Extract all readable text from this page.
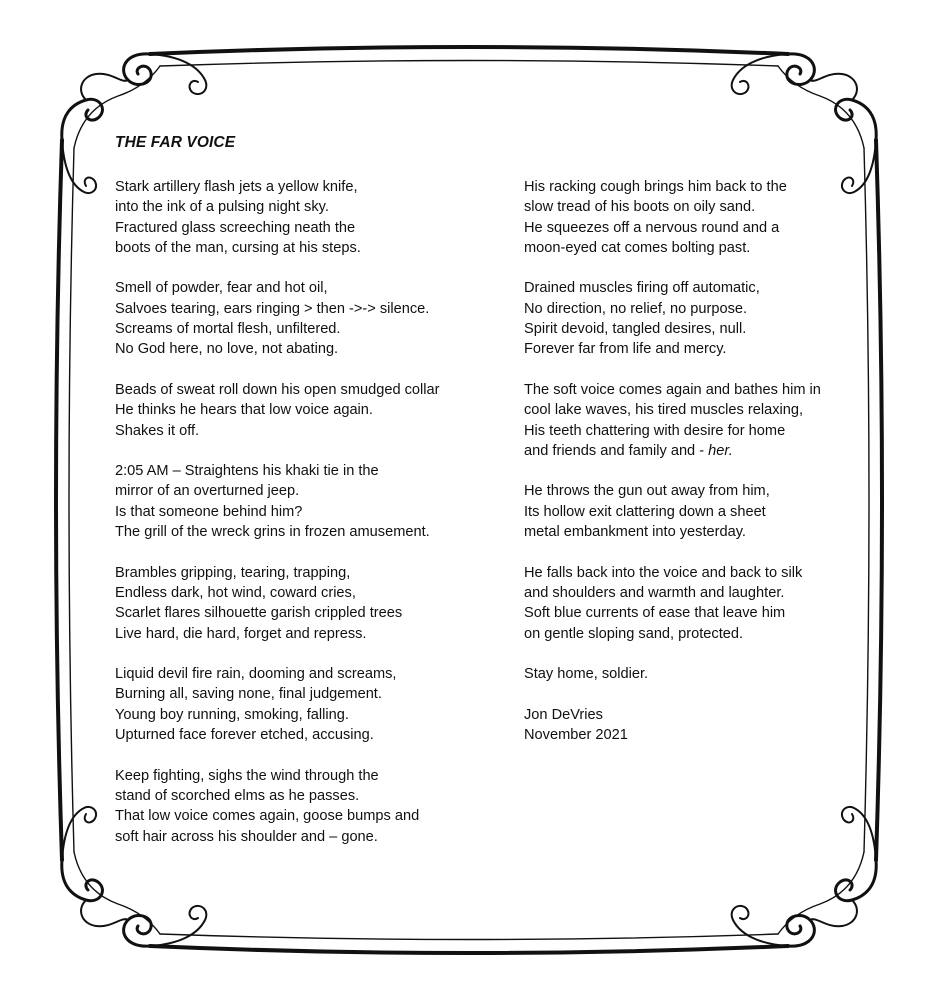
THE FAR VOICE
Stark artillery flash jets a yellow knife,
into the ink of a pulsing night sky.
Fractured glass screeching neath the
boots of the man, cursing at his steps.
Smell of powder, fear and hot oil,
Salvoes tearing, ears ringing > then ->-> silence.
Screams of mortal flesh, unfiltered.
No God here, no love, not abating.
Beads of sweat roll down his open smudged collar
He thinks he hears that low voice again.
Shakes it off.
2:05 AM – Straightens his khaki tie in the
mirror of an overturned jeep.
Is that someone behind him?
The grill of the wreck grins in frozen amusement.
Brambles gripping, tearing, trapping,
Endless dark, hot wind, coward cries,
Scarlet flares silhouette garish crippled trees
Live hard, die hard, forget and repress.
Liquid devil fire rain, dooming and screams,
Burning all, saving none, final judgement.
Young boy running, smoking, falling.
Upturned face forever etched, accusing.
Keep fighting, sighs the wind through the
stand of scorched elms as he passes.
That low voice comes again, goose bumps and
soft hair across his shoulder and – gone.
His racking cough brings him back to the
slow tread of his boots on oily sand.
He squeezes off a nervous round and a
moon-eyed cat comes bolting past.
Drained muscles firing off automatic,
No direction, no relief, no purpose.
Spirit devoid, tangled desires, null.
Forever far from life and mercy.
The soft voice comes again and bathes him in
cool lake waves, his tired muscles relaxing,
His teeth chattering with desire for home
and friends and family and - her.
He throws the gun out away from him,
Its hollow exit clattering down a sheet
metal embankment into yesterday.
He falls back into the voice and back to silk
and shoulders and warmth and laughter.
Soft blue currents of ease that leave him
on gentle sloping sand, protected.
Stay home, soldier.
Jon DeVries
November 2021
